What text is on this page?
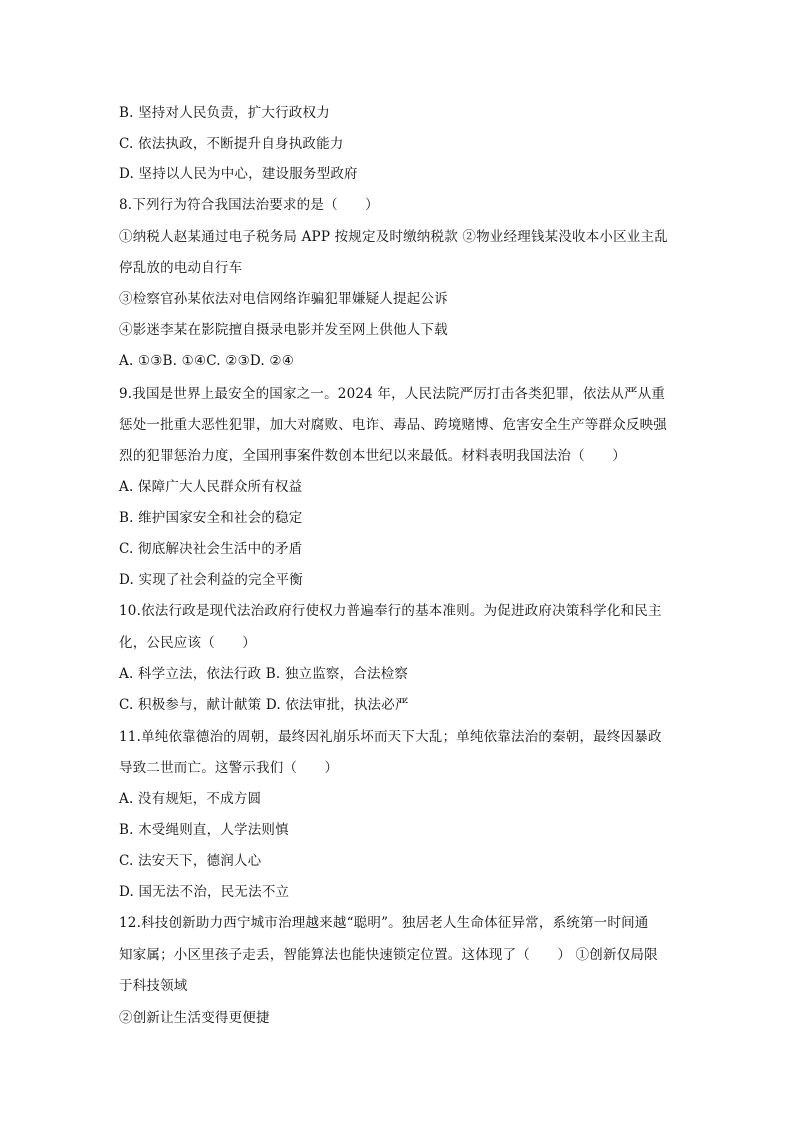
B. 坚持对人民负责，扩大行政权力
C. 依法执政，不断提升自身执政能力
D. 坚持以人民为中心，建设服务型政府
8.下列行为符合我国法治要求的是（　　）
①纳税人赵某通过电子税务局 APP 按规定及时缴纳税款 ②物业经理钱某没收本小区业主乱
停乱放的电动自行车
③检察官孙某依法对电信网络诈骗犯罪嫌疑人提起公诉
④影迷李某在影院擅自摄录电影并发至网上供他人下载
A. ①③B. ①④C. ②③D. ②④
9.我国是世界上最安全的国家之一。2024 年，人民法院严厉打击各类犯罪，依法从严从重
惩处一批重大恶性犯罪，加大对腐败、电诈、毒品、跨境赌博、危害安全生产等群众反映强
烈的犯罪惩治力度，全国刑事案件数创本世纪以来最低。材料表明我国法治（　　）
A. 保障广大人民群众所有权益
B. 维护国家安全和社会的稳定
C. 彻底解决社会生活中的矛盾
D. 实现了社会利益的完全平衡
10.依法行政是现代法治政府行使权力普遍奉行的基本准则。为促进政府决策科学化和民主
化，公民应该（　　）
A. 科学立法，依法行政 B. 独立监察，合法检察
C. 积极参与，献计献策 D. 依法审批，执法必严
11.单纯依靠德治的周朝，最终因礼崩乐坏而天下大乱；单纯依靠法治的秦朝，最终因暴政
导致二世而亡。这警示我们（　　）
A. 没有规矩，不成方圆
B. 木受绳则直，人学法则慎
C. 法安天下，德润人心
D. 国无法不治，民无法不立
12.科技创新助力西宁城市治理越来越“聪明”。独居老人生命体征异常，系统第一时间通
知家属；小区里孩子走丢，智能算法也能快速锁定位置。这体现了（　　） ①创新仅局限
于科技领域
②创新让生活变得更便捷
